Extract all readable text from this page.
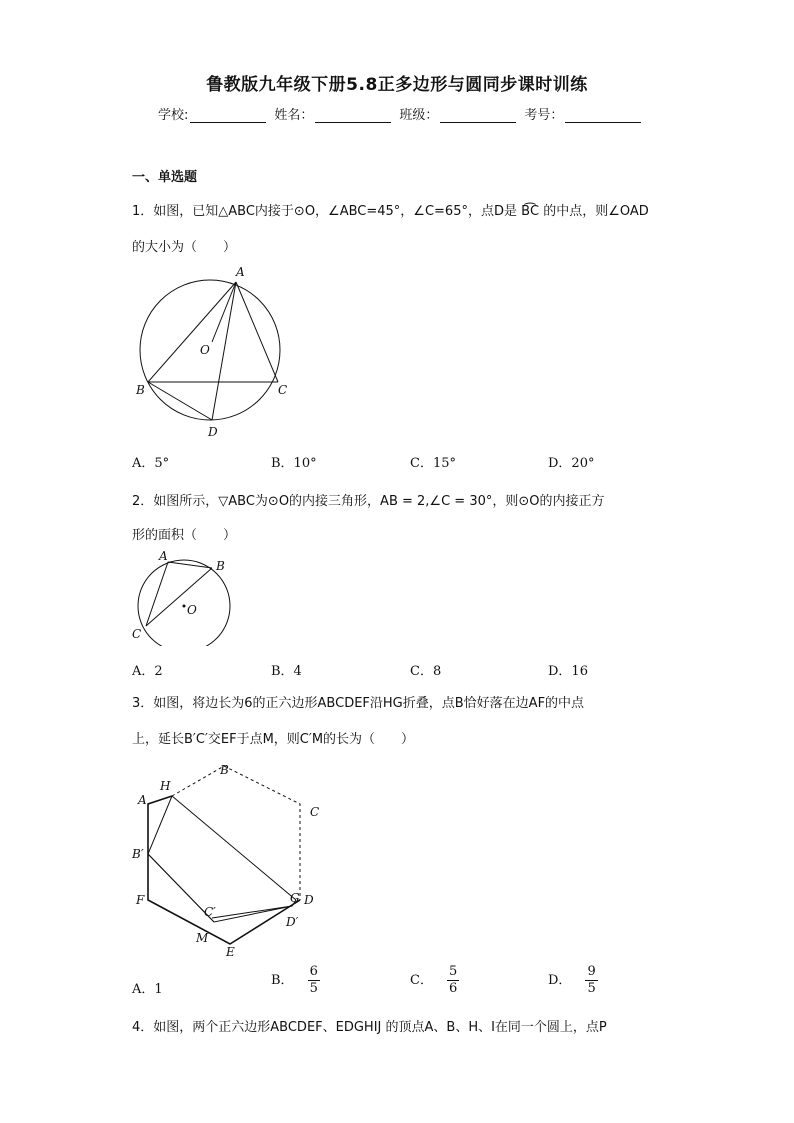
鲁教版九年级下册5.8正多边形与圆同步课时训练
学校:	姓名：	班级：	考号：
一、单选题
1．如图，已知△ABC内接于⊙O，∠ABC=45°，∠C=65°，点D是 B͡C 的中点，则∠OAD
的大小为（　　）
A
O
B	C
D
A．5°	B．10°	C．15°	D．20°
2．如图所示，▽ABC为⊙O的内接三角形，AB = 2,∠C = 30°，则⊙O的内接正方
形的面积（　　）
A
B
O
C
A．2	B．4	C．8	D．16
3．如图，将边长为6的正六边形ABCDEF沿HG折叠，点B恰好落在边AF的中点
上，延长B′C′交EF于点M，则C′M的长为（　　）
H
B
A
C
B′
F
C′
G D
D′
M
E
A．1
B． $\frac{6}{5}$	C． $\frac{5}{6}$	D． $\frac{9}{5}$
4．如图，两个正六边形ABCDEF、EDGHIJ 的顶点A、B、H、I在同一个圆上，点P
